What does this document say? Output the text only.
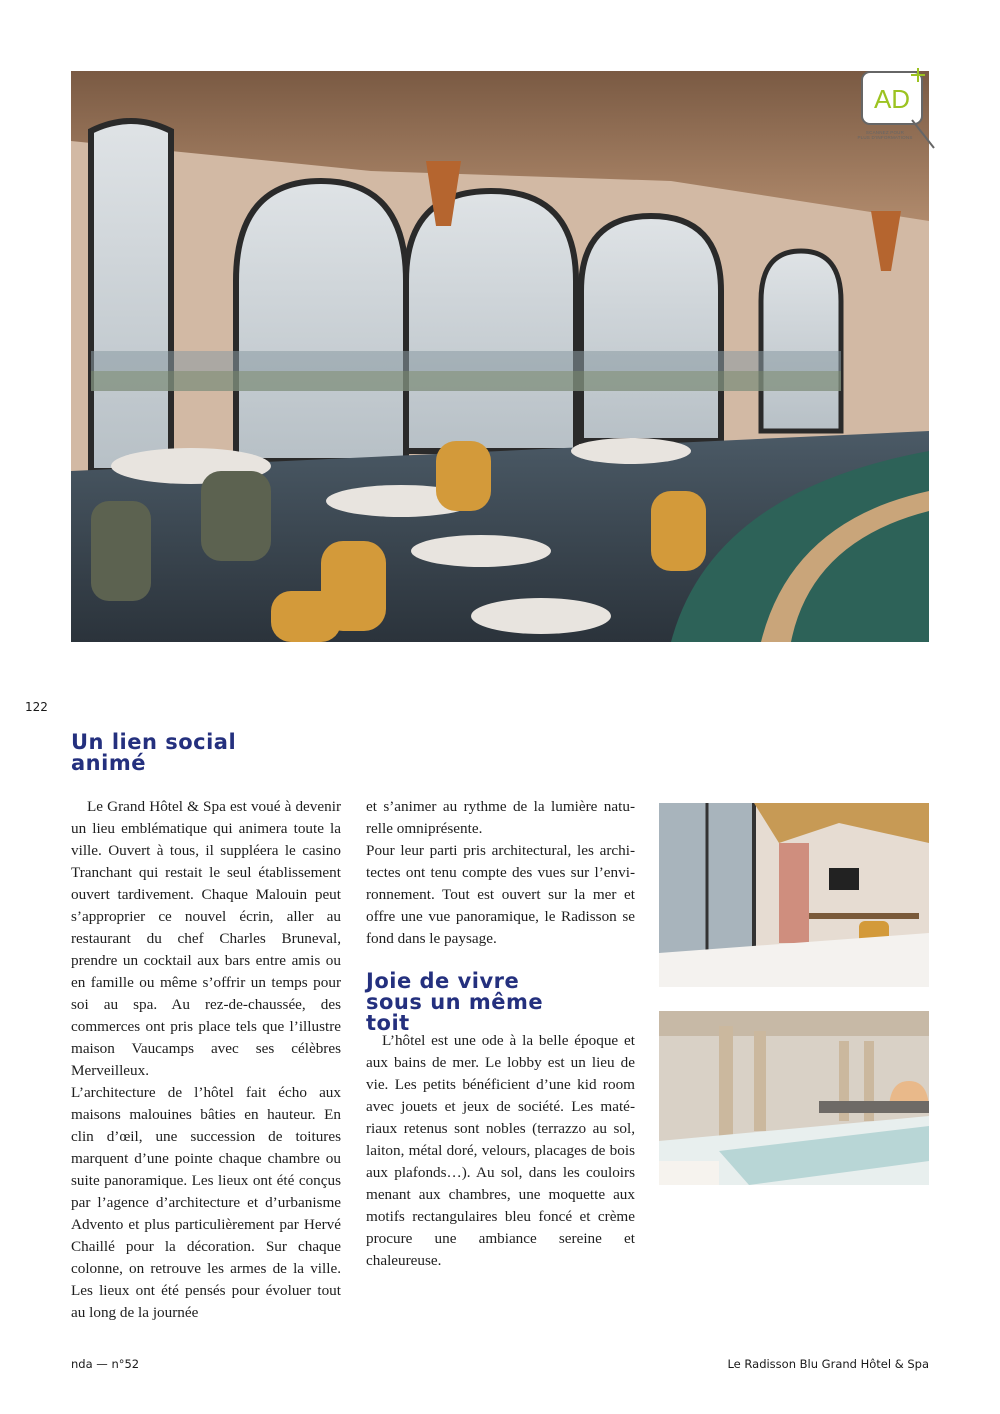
AD
SCANNEZ POUR
PLUS D'INFORMATIONS
122
Un lien social
animé

Le Grand Hôtel & Spa est voué à devenir un lieu emblématique qui animera toute la ville. Ouvert à tous, il suppléera le casino Tranchant qui restait le seul établissement ouvert tardivement. Chaque Malouin peut s’approprier ce nouvel écrin, aller au restaurant du chef Charles Bruneval, prendre un cocktail aux bars entre amis ou en famille ou même s’offrir un temps pour soi au spa. Au rez-de-chaussée, des commerces ont pris place tels que l’illustre maison Vaucamps avec ses célèbres Merveilleux.

L’architecture de l’hôtel fait écho aux maisons malouines bâties en hauteur. En clin d’œil, une succession de toitures marquent d’une pointe chaque chambre ou suite panoramique. Les lieux ont été conçus par l’agence d’architecture et d’urbanisme Advento et plus particulièrement par Hervé Chaillé pour la décoration. Sur chaque colonne, on retrouve les armes de la ville. Les lieux ont été pensés pour évoluer tout au long de la journée

et s’animer au rythme de la lumière naturelle omniprésente.

Pour leur parti pris architectural, les architectes ont tenu compte des vues sur l’environnement. Tout est ouvert sur la mer et offre une vue panoramique, le Radisson se fond dans le paysage.

Joie de vivre
sous un même
toit

L’hôtel est une ode à la belle époque et aux bains de mer. Le lobby est un lieu de vie. Les petits bénéficient d’une kid room avec jouets et jeux de société. Les matériaux retenus sont nobles (terrazzo au sol, laiton, métal doré, velours, placages de bois aux plafonds…). Au sol, dans les couloirs menant aux chambres, une moquette aux motifs rectangulaires bleu foncé et crème procure une ambiance sereine et chaleureuse.

nda — n°52	Le Radisson Blu Grand Hôtel & Spa
